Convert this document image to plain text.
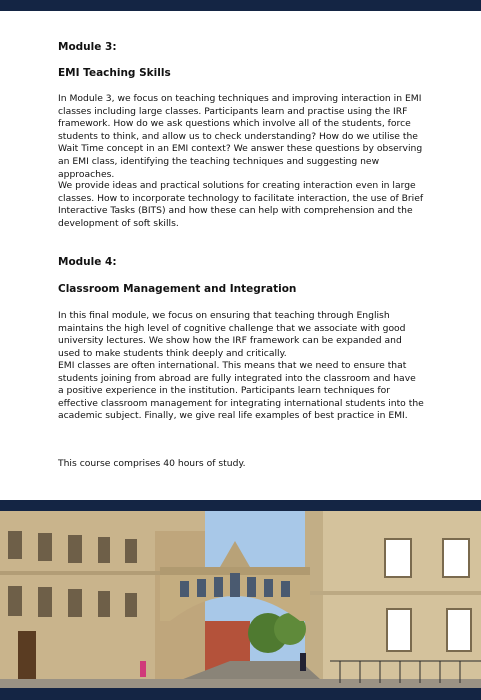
Module 3:
EMI Teaching Skills
In Module 3, we focus on teaching techniques and improving interaction in EMI classes including large classes. Participants learn and practise using the IRF framework. How do we ask questions which involve all of the students, force students to think, and allow us to check understanding? How do we utilise the Wait Time concept in an EMI context? We answer these questions by observing an EMI class, identifying the teaching techniques and suggesting new approaches.
We provide ideas and practical solutions for creating interaction even in large classes. How to incorporate technology to facilitate interaction, the use of Brief Interactive Tasks (BITS) and how these can help with comprehension and the development of soft skills.
Module 4:
Classroom Management and Integration
In this final module, we focus on ensuring that teaching through English maintains the high level of cognitive challenge that we associate with good university lectures. We show how the IRF framework can be expanded and used to make students think deeply and critically.
EMI classes are often international. This means that we need to ensure that students joining from abroad are fully integrated into the classroom and have a positive experience in the institution. Participants learn techniques for effective classroom management for integrating international students into the academic subject. Finally, we give real life examples of best practice in EMI.
This course comprises 40 hours of study.
